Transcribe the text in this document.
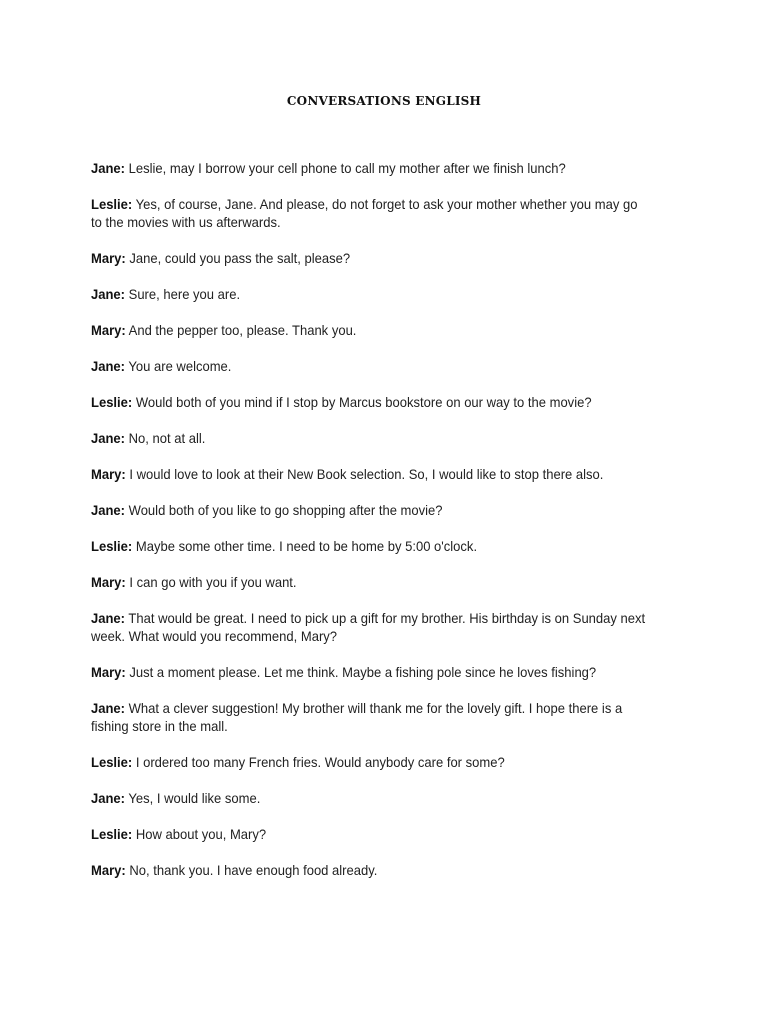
CONVERSATIONS ENGLISH
Jane: Leslie, may I borrow your cell phone to call my mother after we finish lunch?
Leslie: Yes, of course, Jane. And please, do not forget to ask your mother whether you may go to the movies with us afterwards.
Mary: Jane, could you pass the salt, please?
Jane: Sure, here you are.
Mary: And the pepper too, please. Thank you.
Jane: You are welcome.
Leslie: Would both of you mind if I stop by Marcus bookstore on our way to the movie?
Jane: No, not at all.
Mary: I would love to look at their New Book selection. So, I would like to stop there also.
Jane: Would both of you like to go shopping after the movie?
Leslie: Maybe some other time. I need to be home by 5:00 o'clock.
Mary: I can go with you if you want.
Jane: That would be great. I need to pick up a gift for my brother. His birthday is on Sunday next week. What would you recommend, Mary?
Mary: Just a moment please. Let me think. Maybe a fishing pole since he loves fishing?
Jane: What a clever suggestion! My brother will thank me for the lovely gift. I hope there is a fishing store in the mall.
Leslie: I ordered too many French fries. Would anybody care for some?
Jane: Yes, I would like some.
Leslie: How about you, Mary?
Mary: No, thank you. I have enough food already.
